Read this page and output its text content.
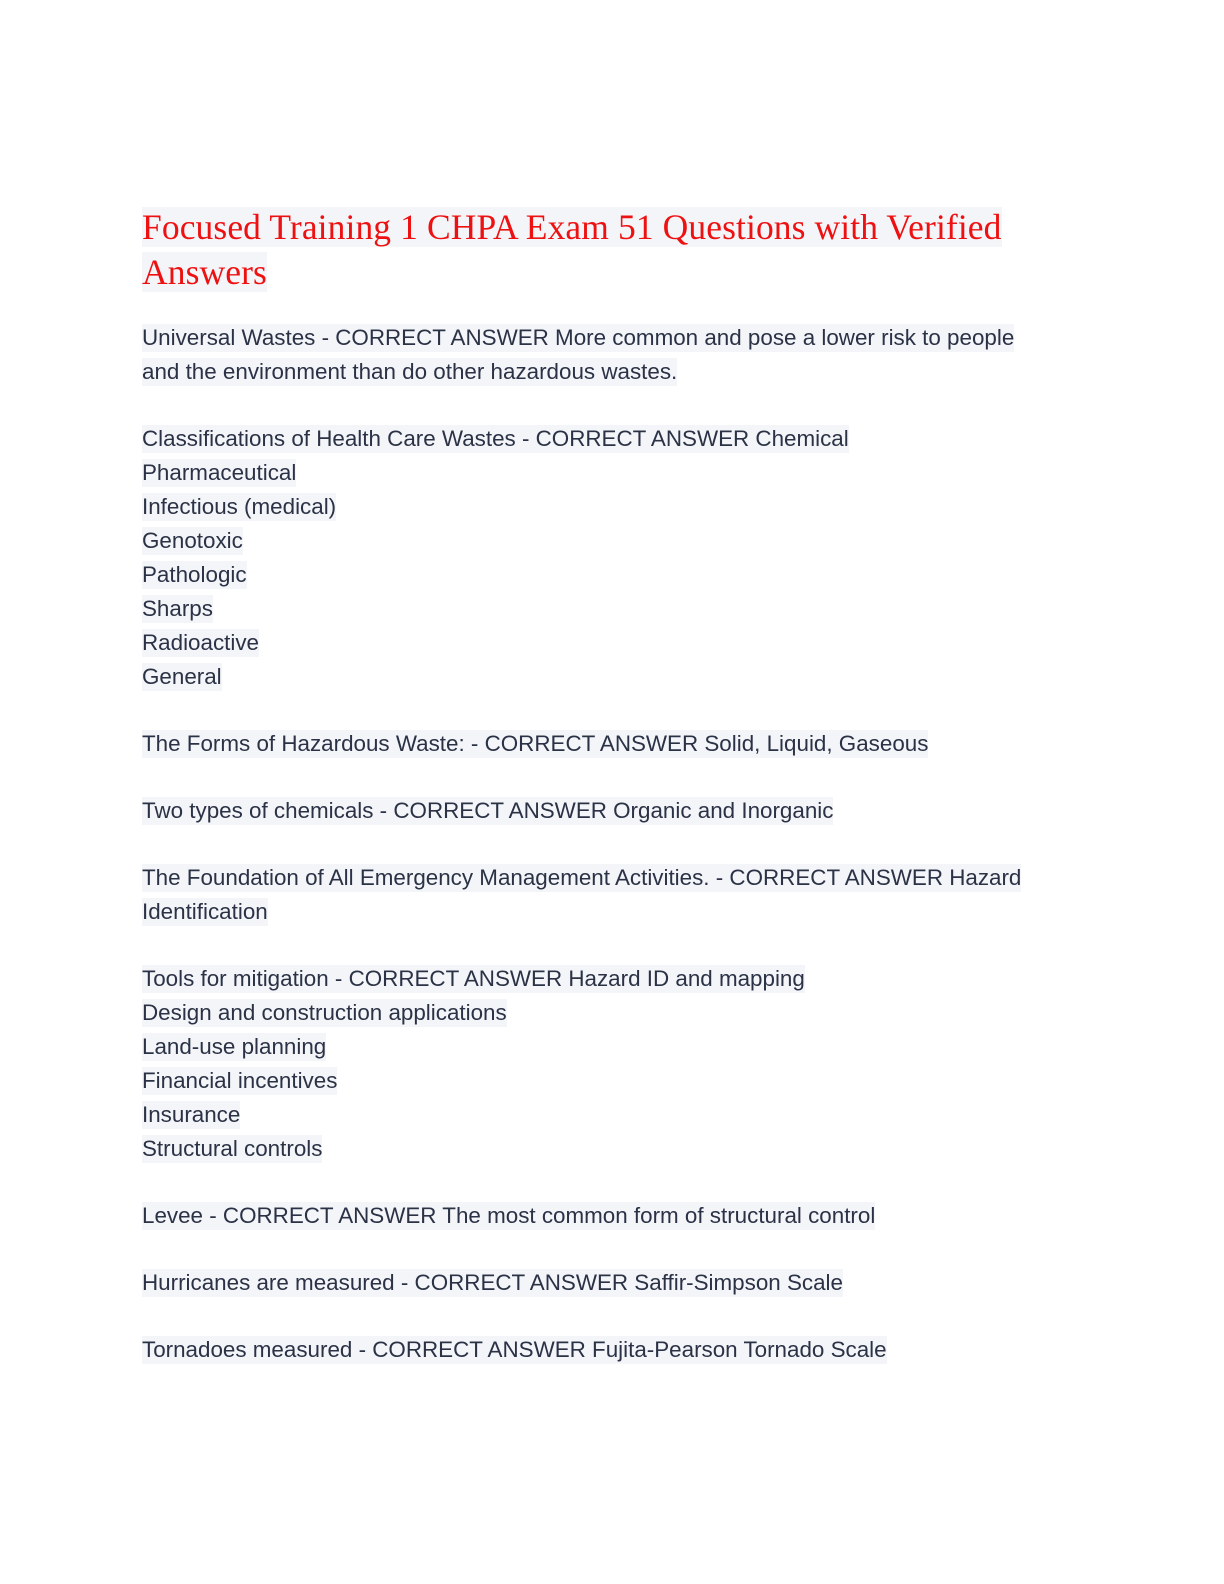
Focused Training 1 CHPA Exam 51 Questions with Verified Answers
Universal Wastes - CORRECT ANSWER More common and pose a lower risk to people and the environment than do other hazardous wastes.
Classifications of Health Care Wastes - CORRECT ANSWER Chemical
Pharmaceutical
Infectious (medical)
Genotoxic
Pathologic
Sharps
Radioactive
General
The Forms of Hazardous Waste: - CORRECT ANSWER Solid, Liquid, Gaseous
Two types of chemicals - CORRECT ANSWER Organic and Inorganic
The Foundation of All Emergency Management Activities. - CORRECT ANSWER Hazard Identification
Tools for mitigation - CORRECT ANSWER Hazard ID and mapping
Design and construction applications
Land-use planning
Financial incentives
Insurance
Structural controls
Levee - CORRECT ANSWER The most common form of structural control
Hurricanes are measured - CORRECT ANSWER Saffir-Simpson Scale
Tornadoes measured - CORRECT ANSWER Fujita-Pearson Tornado Scale
